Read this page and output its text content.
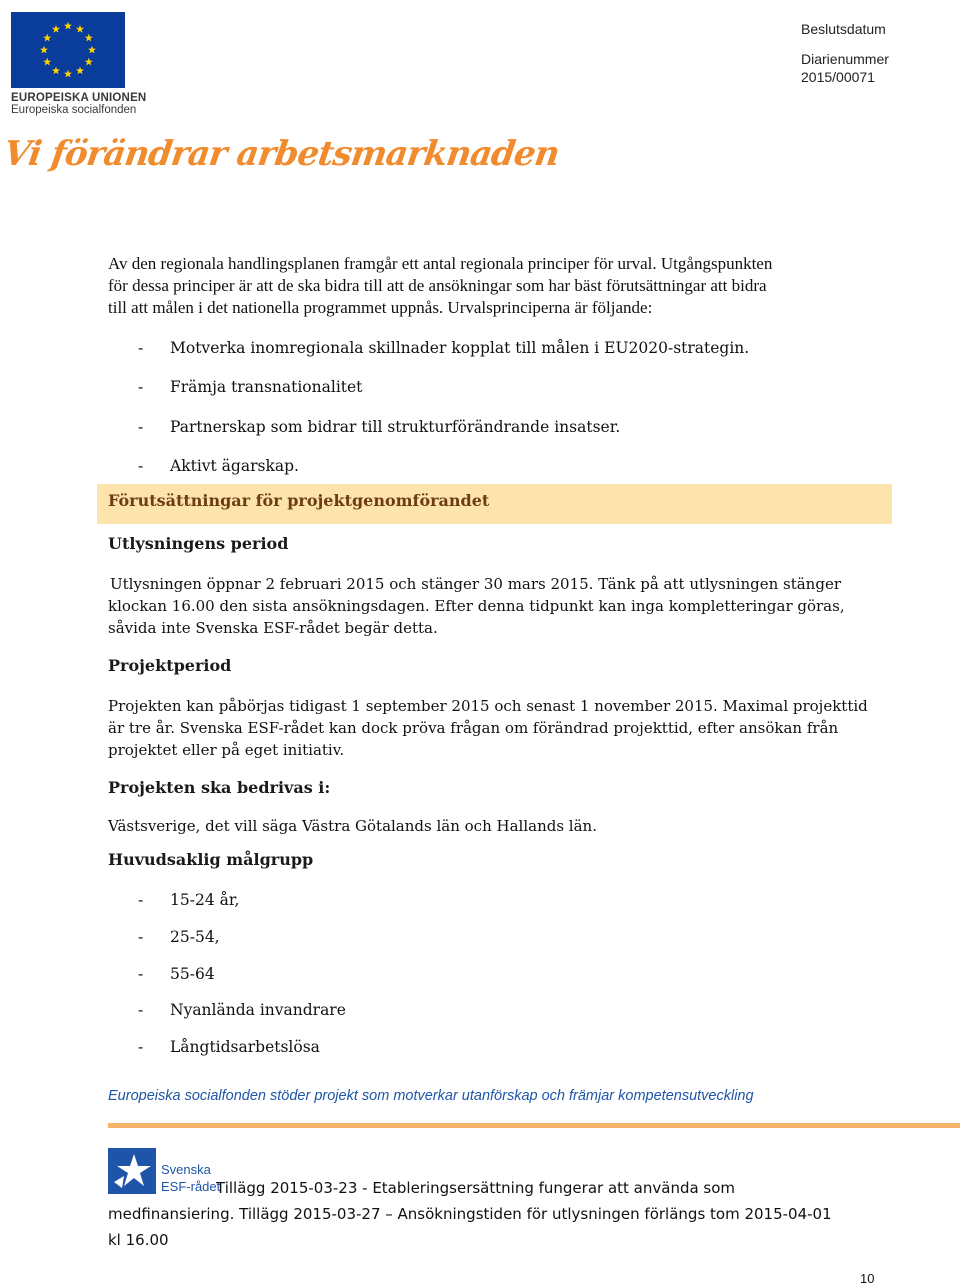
EUROPEISKA UNIONEN
Europeiska socialfonden
Vi förändrar arbetsmarknaden
Beslutsdatum
Diarienummer
2015/00071
Av den regionala handlingsplanen framgår ett antal regionala principer för urval. Utgångspunkten
för dessa principer är att de ska bidra till att de ansökningar som har bäst förutsättningar att bidra
till att målen i det nationella programmet uppnås. Urvalsprinciperna är följande:
- Motverka inomregionala skillnader kopplat till målen i EU2020-strategin.
- Främja transnationalitet
- Partnerskap som bidrar till strukturförändrande insatser.
- Aktivt ägarskap.
Förutsättningar för projektgenomförandet
Utlysningens period
Utlysningen öppnar 2 februari 2015 och stänger 30 mars 2015. Tänk på att utlysningen stänger
klockan 16.00 den sista ansökningsdagen. Efter denna tidpunkt kan inga kompletteringar göras,
såvida inte Svenska ESF-rådet begär detta.
Projektperiod
Projekten kan påbörjas tidigast 1 september 2015 och senast 1 november 2015. Maximal projekttid
är tre år. Svenska ESF-rådet kan dock pröva frågan om förändrad projekttid, efter ansökan från
projektet eller på eget initiativ.
Projekten ska bedrivas i:
Västsverige, det vill säga Västra Götalands län och Hallands län.
Huvudsaklig målgrupp
- 15-24 år,
- 25-54,
- 55-64
- Nyanlända invandrare
- Långtidsarbetslösa
Europeiska socialfonden stöder projekt som motverkar utanförskap och främjar kompetensutveckling
Svenska
ESF-rådet
Tillägg 2015-03-23 - Etableringsersättning fungerar att använda som
medfinansiering. Tillägg 2015-03-27 – Ansökningstiden för utlysningen förlängs tom 2015-04-01
kl 16.00
10
